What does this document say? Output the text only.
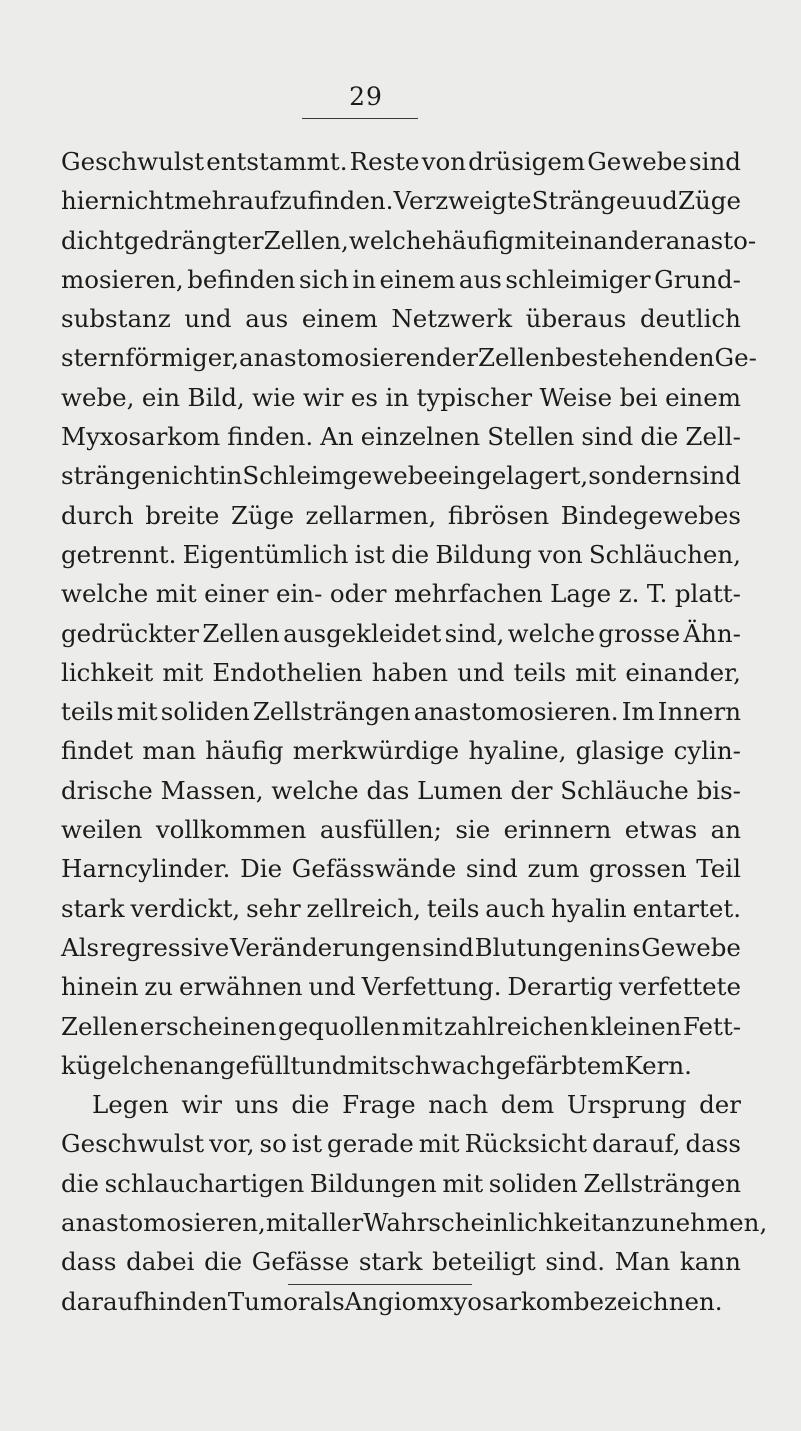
29
Geschwulst entstammt. Reste von drüsigem Gewebe sind
hier nicht mehr aufzufinden. Verzweigte Stränge uud Züge
dicht gedrängter Zellen, welche häufig mit einander anasto-
mosieren, befinden sich in einem aus schleimiger Grund-
substanz und aus einem Netzwerk überaus deutlich
sternförmiger, anastomosierender Zellen bestehenden Ge-
webe, ein Bild, wie wir es in typischer Weise bei einem
Myxosarkom finden. An einzelnen Stellen sind die Zell-
stränge nicht in Schleimgewebe eingelagert, sondern sind
durch breite Züge zellarmen, fibrösen Bindegewebes
getrennt. Eigentümlich ist die Bildung von Schläuchen,
welche mit einer ein- oder mehrfachen Lage z. T. platt-
gedrückter Zellen ausgekleidet sind, welche grosse Ähn-
lichkeit mit Endothelien haben und teils mit einander,
teils mit soliden Zellsträngen anastomosieren. Im Innern
findet man häufig merkwürdige hyaline, glasige cylin-
drische Massen, welche das Lumen der Schläuche bis-
weilen vollkommen ausfüllen; sie erinnern etwas an
Harncylinder. Die Gefässwände sind zum grossen Teil
stark verdickt, sehr zellreich, teils auch hyalin entartet.
Als regressive Veränderungen sind Blutungen ins Gewebe
hinein zu erwähnen und Verfettung. Derartig verfettete
Zellen erscheinen gequollen mit zahlreichen kleinen Fett-
kügelchen angefüllt und mit schwach gefärbtem Kern.
Legen wir uns die Frage nach dem Ursprung der
Geschwulst vor, so ist gerade mit Rücksicht darauf, dass
die schlauchartigen Bildungen mit soliden Zellsträngen
anastomosieren, mit aller Wahrscheinlichkeit anzunehmen,
dass dabei die Gefässe stark beteiligt sind. Man kann
daraufhin den Tumor als Angiomxyosarkom bezeichnen.
